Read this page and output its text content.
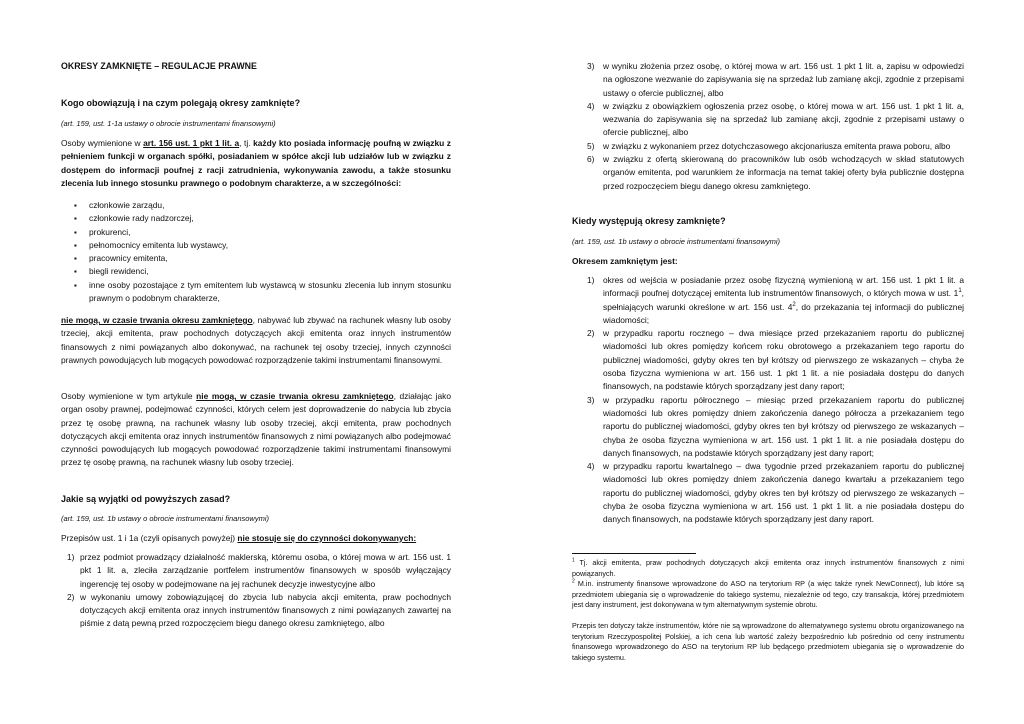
OKRESY ZAMKNIĘTE – REGULACJE PRAWNE

Kogo obowiązują i na czym polegają okresy zamknięte?

(art. 159, ust. 1-1a ustawy o obrocie instrumentami finansowymi)

Osoby wymienione w art. 156 ust. 1 pkt 1 lit. a, tj. każdy kto posiada informację poufną w związku z pełnieniem funkcji w organach spółki, posiadaniem w spółce akcji lub udziałów lub w związku z dostępem do informacji poufnej z racji zatrudnienia, wykonywania zawodu, a także stosunku zlecenia lub innego stosunku prawnego o podobnym charakterze, a w szczególności:

▪ członkowie zarządu,
▪ członkowie rady nadzorczej,
▪ prokurenci,
▪ pełnomocnicy emitenta lub wystawcy,
▪ pracownicy emitenta,
▪ biegli rewidenci,
▪ inne osoby pozostające z tym emitentem lub wystawcą w stosunku zlecenia lub innym stosunku prawnym o podobnym charakterze,

nie mogą, w czasie trwania okresu zamkniętego, nabywać lub zbywać na rachunek własny lub osoby trzeciej, akcji emitenta, praw pochodnych dotyczących akcji emitenta oraz innych instrumentów finansowych z nimi powiązanych albo dokonywać, na rachunek tej osoby trzeciej, innych czynności prawnych powodujących lub mogących powodować rozporządzenie takimi instrumentami finansowymi.

Osoby wymienione w tym artykule nie mogą, w czasie trwania okresu zamkniętego, działając jako organ osoby prawnej, podejmować czynności, których celem jest doprowadzenie do nabycia lub zbycia przez tę osobę prawną, na rachunek własny lub osoby trzeciej, akcji emitenta, praw pochodnych dotyczących akcji emitenta oraz innych instrumentów finansowych z nimi powiązanych albo podejmować czynności powodujących lub mogących powodować rozporządzenie takimi instrumentami finansowymi przez tę osobę prawną, na rachunek własny lub osoby trzeciej.

Jakie są wyjątki od powyższych zasad?

(art. 159, ust. 1b ustawy o obrocie instrumentami finansowymi)

Przepisów ust. 1 i 1a (czyli opisanych powyżej) nie stosuje się do czynności dokonywanych:

1) przez podmiot prowadzący działalność maklerską, któremu osoba, o której mowa w art. 156 ust. 1 pkt 1 lit. a, zleciła zarządzanie portfelem instrumentów finansowych w sposób wyłączający ingerencję tej osoby w podejmowane na jej rachunek decyzje inwestycyjne albo
2) w wykonaniu umowy zobowiązującej do zbycia lub nabycia akcji emitenta, praw pochodnych dotyczących akcji emitenta oraz innych instrumentów finansowych z nimi powiązanych zawartej na piśmie z datą pewną przed rozpoczęciem biegu danego okresu zamkniętego, albo
3) w wyniku złożenia przez osobę, o której mowa w art. 156 ust. 1 pkt 1 lit. a, zapisu w odpowiedzi na ogłoszone wezwanie do zapisywania się na sprzedaż lub zamianę akcji, zgodnie z przepisami ustawy o ofercie publicznej, albo
4) w związku z obowiązkiem ogłoszenia przez osobę, o której mowa w art. 156 ust. 1 pkt 1 lit. a, wezwania do zapisywania się na sprzedaż lub zamianę akcji, zgodnie z przepisami ustawy o ofercie publicznej, albo
5) w związku z wykonaniem przez dotychczasowego akcjonariusza emitenta prawa poboru, albo
6) w związku z ofertą skierowaną do pracowników lub osób wchodzących w skład statutowych organów emitenta, pod warunkiem że informacja na temat takiej oferty była publicznie dostępna przed rozpoczęciem biegu danego okresu zamkniętego.

Kiedy występują okresy zamknięte?

(art. 159, ust. 1b ustawy o obrocie instrumentami finansowymi)

Okresem zamkniętym jest:

1) okres od wejścia w posiadanie przez osobę fizyczną wymienioną w art. 156 ust. 1 pkt 1 lit. a informacji poufnej dotyczącej emitenta lub instrumentów finansowych, o których mowa w ust. $1^1$, spełniających warunki określone w art. 156 ust. $4^2$, do przekazania tej informacji do publicznej wiadomości;
2) w przypadku raportu rocznego – dwa miesiące przed przekazaniem raportu do publicznej wiadomości lub okres pomiędzy końcem roku obrotowego a przekazaniem tego raportu do publicznej wiadomości, gdyby okres ten był krótszy od pierwszego ze wskazanych – chyba że osoba fizyczna wymieniona w art. 156 ust. 1 pkt 1 lit. a nie posiadała dostępu do danych finansowych, na podstawie których sporządzany jest dany raport;
3) w przypadku raportu półrocznego – miesiąc przed przekazaniem raportu do publicznej wiadomości lub okres pomiędzy dniem zakończenia danego półrocza a przekazaniem tego raportu do publicznej wiadomości, gdyby okres ten był krótszy od pierwszego ze wskazanych – chyba że osoba fizyczna wymieniona w art. 156 ust. 1 pkt 1 lit. a nie posiadała dostępu do danych finansowych, na podstawie których sporządzany jest dany raport;
4) w przypadku raportu kwartalnego – dwa tygodnie przed przekazaniem raportu do publicznej wiadomości lub okres pomiędzy dniem zakończenia danego kwartału a przekazaniem tego raportu do publicznej wiadomości, gdyby okres ten był krótszy od pierwszego ze wskazanych – chyba że osoba fizyczna wymieniona w art. 156 ust. 1 pkt 1 lit. a nie posiadała dostępu do danych finansowych, na podstawie których sporządzany jest dany raport.

$^1$ Tj. akcji emitenta, praw pochodnych dotyczących akcji emitenta oraz innych instrumentów finansowych z nimi powiązanych.

$^2$ M.in. instrumenty finansowe wprowadzone do ASO na terytorium RP (a więc także rynek NewConnect), lub które są przedmiotem ubiegania się o wprowadzenie do takiego systemu, niezależnie od tego, czy transakcja, której przedmiotem jest dany instrument, jest dokonywana w tym alternatywnym systemie obrotu.

Przepis ten dotyczy także instrumentów, które nie są wprowadzone do alternatywnego systemu obrotu organizowanego na terytorium Rzeczypospolitej Polskiej, a ich cena lub wartość zależy bezpośrednio lub pośrednio od ceny instrumentu finansowego wprowadzonego do ASO na terytorium RP lub będącego przedmiotem ubiegania się o wprowadzenie do takiego systemu.
